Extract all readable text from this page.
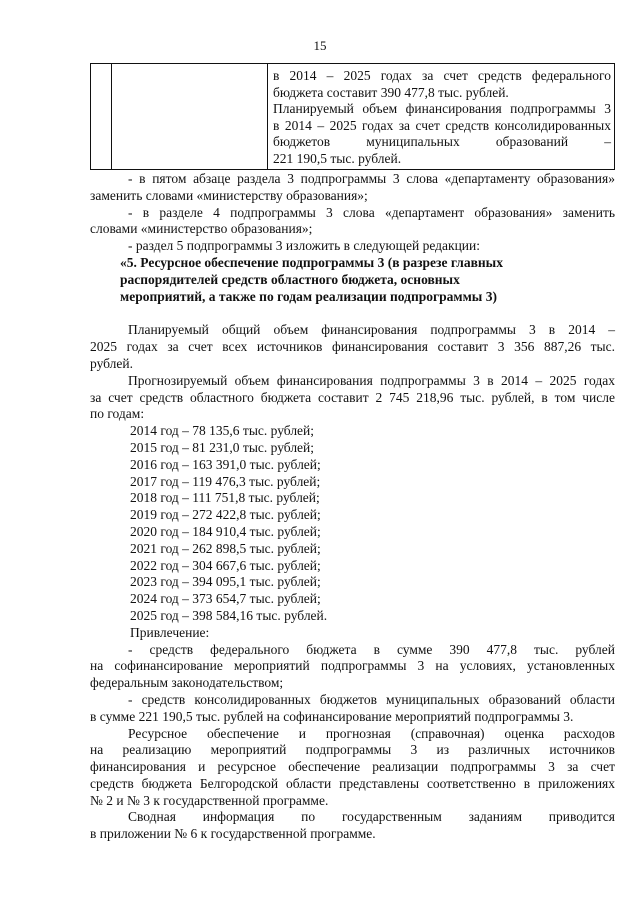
15

в 2014 – 2025 годах за счет средств федерального

бюджета составит 390 477,8 тыс. рублей.

Планируемый объем финансирования подпрограммы 3

в 2014 – 2025 годах за счет средств консолидированных

бюджетов муниципальных образований –

221 190,5 тыс. рублей.

- в пятом абзаце раздела 3 подпрограммы 3 слова «департаменту образования»

заменить словами «министерству образования»;

- в разделе 4 подпрограммы 3 слова «департамент образования» заменить

словами «министерство образования»;

- раздел 5 подпрограммы 3 изложить в следующей редакции:

«5. Ресурсное обеспечение подпрограммы 3 (в разрезе главных

распорядителей средств областного бюджета, основных

мероприятий, а также по годам реализации подпрограммы 3)

Планируемый общий объем финансирования подпрограммы 3 в 2014 –

2025 годах за счет всех источников финансирования составит 3 356 887,26 тыс.

рублей.

Прогнозируемый объем финансирования подпрограммы 3 в 2014 – 2025 годах

за счет средств областного бюджета составит 2 745 218,96 тыс. рублей, в том числе

по годам:

2014 год – 78 135,6 тыс. рублей;
2015 год – 81 231,0 тыс. рублей;
2016 год – 163 391,0 тыс. рублей;
2017 год – 119 476,3 тыс. рублей;
2018 год – 111 751,8 тыс. рублей;
2019 год – 272 422,8 тыс. рублей;
2020 год – 184 910,4 тыс. рублей;
2021 год – 262 898,5 тыс. рублей;
2022 год – 304 667,6 тыс. рублей;
2023 год – 394 095,1 тыс. рублей;
2024 год – 373 654,7 тыс. рублей;
2025 год – 398 584,16 тыс. рублей.
Привлечение:

- средств федерального бюджета в сумме 390 477,8 тыс. рублей

на софинансирование мероприятий подпрограммы 3 на условиях, установленных

федеральным законодательством;

- средств консолидированных бюджетов муниципальных образований области

в сумме 221 190,5 тыс. рублей на софинансирование мероприятий подпрограммы 3.

Ресурсное обеспечение и прогнозная (справочная) оценка расходов

на реализацию мероприятий подпрограммы 3 из различных источников

финансирования и ресурсное обеспечение реализации подпрограммы 3 за счет

средств бюджета Белгородской области представлены соответственно в приложениях

№ 2 и № 3 к государственной программе.

Сводная информация по государственным заданиям приводится

в приложении № 6 к государственной программе.
